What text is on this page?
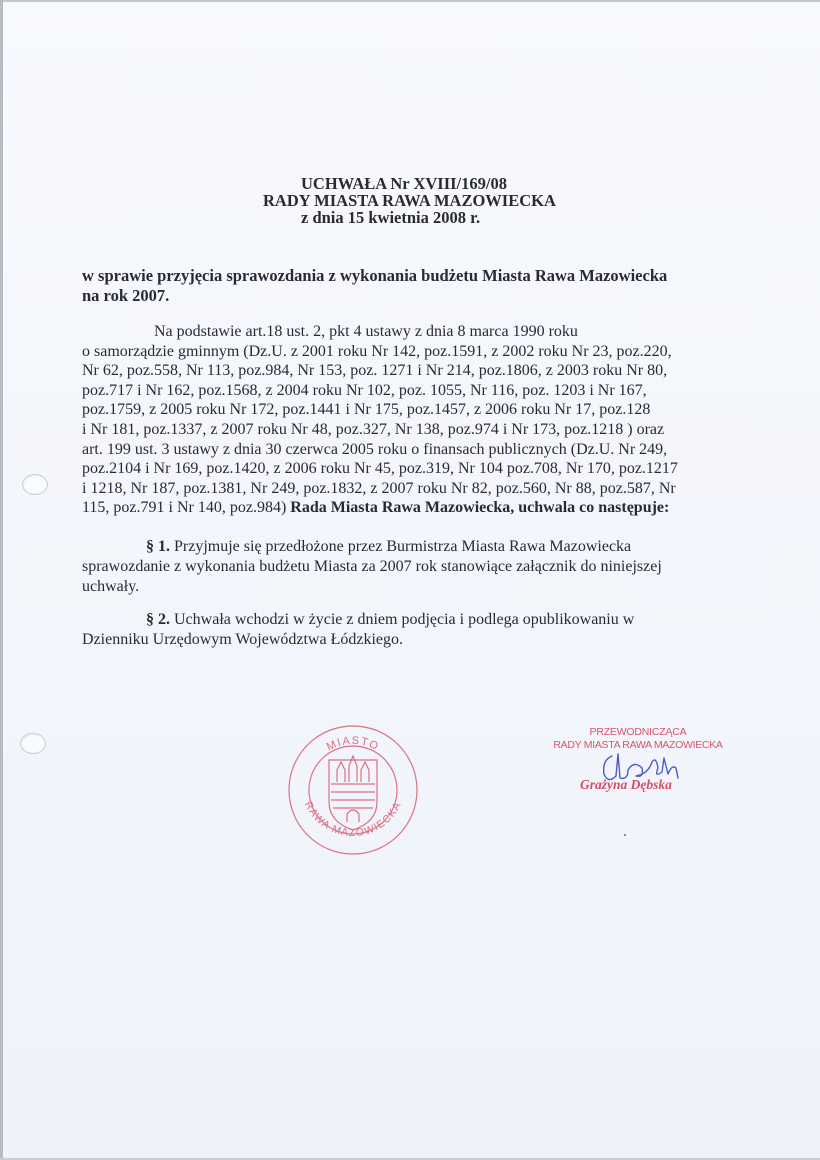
UCHWAŁA Nr XVIII/169/08
RADY MIASTA RAWA MAZOWIECKA
z dnia 15 kwietnia 2008 r.
w sprawie przyjęcia sprawozdania z wykonania budżetu Miasta Rawa Mazowiecka
na rok 2007.
Na podstawie art.18 ust. 2, pkt 4 ustawy z dnia 8 marca 1990 roku
o samorządzie gminnym (Dz.U. z 2001 roku Nr 142, poz.1591, z 2002 roku Nr 23, poz.220,
Nr 62, poz.558, Nr 113, poz.984, Nr 153, poz. 1271 i Nr 214, poz.1806, z 2003 roku Nr 80,
poz.717 i Nr 162, poz.1568, z 2004 roku Nr 102, poz. 1055, Nr 116, poz. 1203 i Nr 167,
poz.1759, z 2005 roku Nr 172, poz.1441 i Nr 175, poz.1457, z 2006 roku Nr 17, poz.128
i Nr 181, poz.1337, z 2007 roku Nr 48, poz.327, Nr 138, poz.974 i Nr 173, poz.1218 ) oraz
art. 199 ust. 3 ustawy z dnia 30 czerwca 2005 roku o finansach publicznych (Dz.U. Nr 249,
poz.2104 i Nr 169, poz.1420, z 2006 roku Nr 45, poz.319, Nr 104 poz.708, Nr 170, poz.1217
i 1218, Nr 187, poz.1381, Nr 249, poz.1832, z 2007 roku Nr 82, poz.560, Nr 88, poz.587, Nr
115, poz.791 i Nr 140, poz.984) Rada Miasta Rawa Mazowiecka, uchwala co następuje:
§ 1. Przyjmuje się przedłożone przez Burmistrza Miasta Rawa Mazowiecka
sprawozdanie z wykonania budżetu Miasta za 2007 rok stanowiące załącznik do niniejszej
uchwały.
§ 2. Uchwała wchodzi w życie z dniem podjęcia i podlega opublikowaniu w
Dzienniku Urzędowym Województwa Łódzkiego.
MIASTO
RAWA MAZOWIECKA
PRZEWODNICZĄCA
RADY MIASTA RAWA MAZOWIECKA
Grażyna Dębska
